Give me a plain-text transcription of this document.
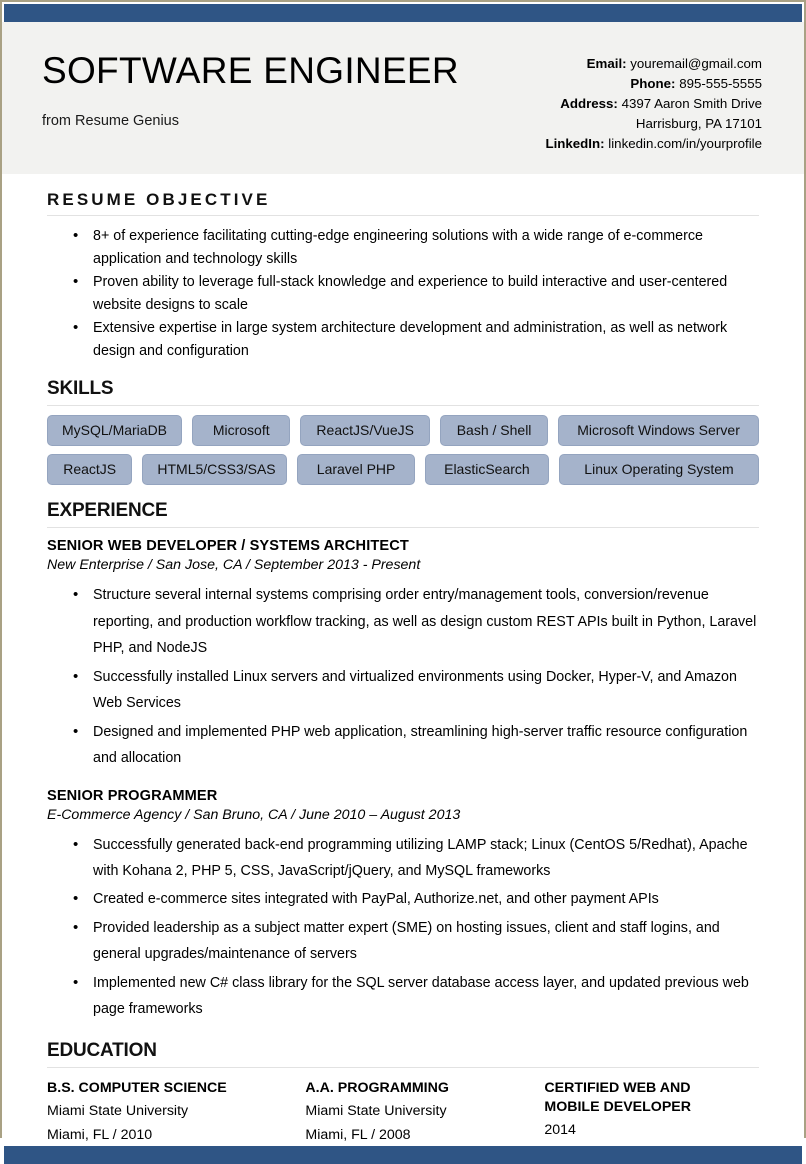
SOFTWARE ENGINEER
from Resume Genius
Email: youremail@gmail.com
Phone: 895-555-5555
Address: 4397 Aaron Smith Drive
Harrisburg, PA 17101
LinkedIn: linkedin.com/in/yourprofile
RESUME OBJECTIVE
• 8+ of experience facilitating cutting-edge engineering solutions with a wide range of e-commerce application and technology skills
• Proven ability to leverage full-stack knowledge and experience to build interactive and user-centered website designs to scale
• Extensive expertise in large system architecture development and administration, as well as network design and configuration
SKILLS
MySQL/MariaDB	Microsoft	ReactJS/VueJS	Bash / Shell	Microsoft Windows Server
ReactJS	HTML5/CSS3/SAS	Laravel PHP	ElasticSearch	Linux Operating System
EXPERIENCE
SENIOR WEB DEVELOPER / SYSTEMS ARCHITECT
New Enterprise / San Jose, CA / September 2013 - Present
• Structure several internal systems comprising order entry/management tools, conversion/revenue reporting, and production workflow tracking, as well as design custom REST APIs built in Python, Laravel PHP, and NodeJS
• Successfully installed Linux servers and virtualized environments using Docker, Hyper-V, and Amazon Web Services
• Designed and implemented PHP web application, streamlining high-server traffic resource configuration and allocation
SENIOR PROGRAMMER
E-Commerce Agency / San Bruno, CA / June 2010 – August 2013
• Successfully generated back-end programming utilizing LAMP stack; Linux (CentOS 5/Redhat), Apache with Kohana 2, PHP 5, CSS, JavaScript/jQuery, and MySQL frameworks
• Created e-commerce sites integrated with PayPal, Authorize.net, and other payment APIs
• Provided leadership as a subject matter expert (SME) on hosting issues, client and staff logins, and general upgrades/maintenance of servers
• Implemented new C# class library for the SQL server database access layer, and updated previous web page frameworks
EDUCATION
B.S. COMPUTER SCIENCE
Miami State University
Miami, FL / 2010
A.A. PROGRAMMING
Miami State University
Miami, FL / 2008
CERTIFIED WEB AND MOBILE DEVELOPER
2014
